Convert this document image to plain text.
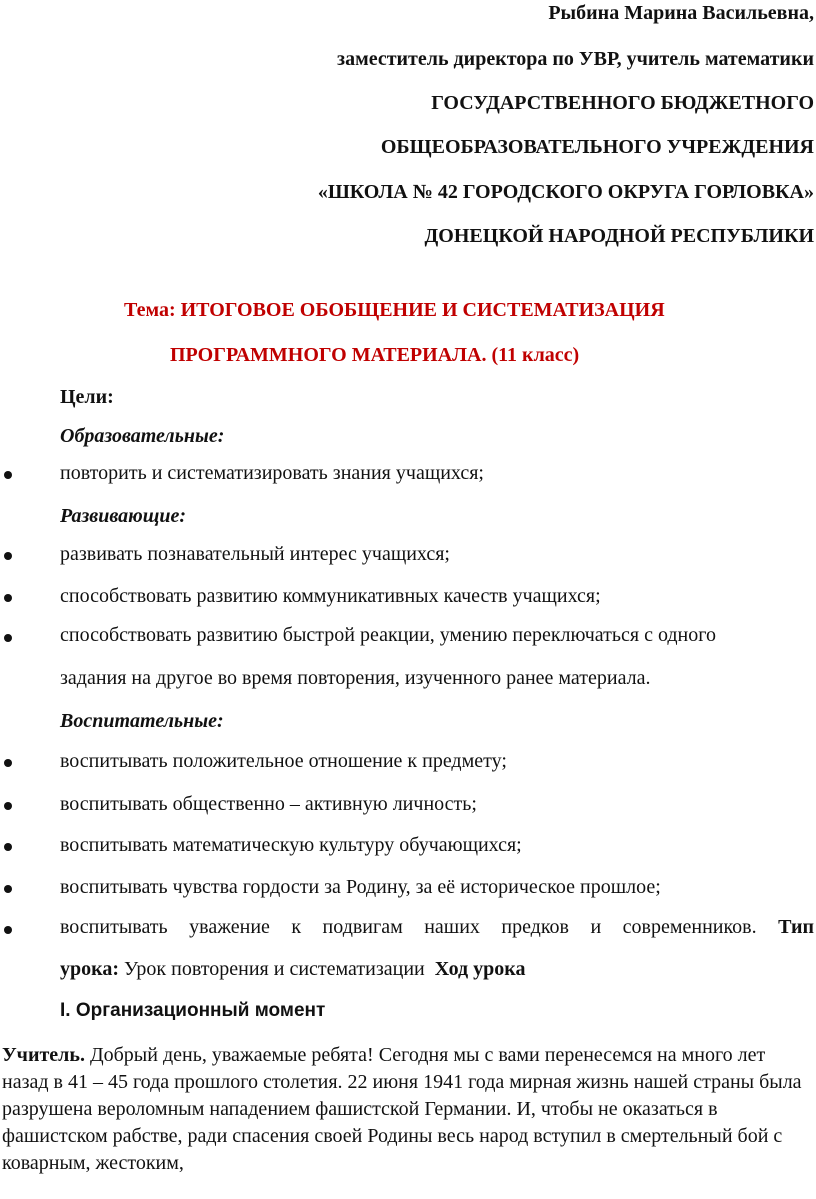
Рыбина Марина Васильевна,
заместитель директора по УВР, учитель математики
ГОСУДАРСТВЕННОГО БЮДЖЕТНОГО
ОБЩЕОБРАЗОВАТЕЛЬНОГО УЧРЕЖДЕНИЯ
«ШКОЛА № 42 ГОРОДСКОГО ОКРУГА ГОРЛОВКА»
ДОНЕЦКОЙ НАРОДНОЙ РЕСПУБЛИКИ
Тема: ИТОГОВОЕ ОБОБЩЕНИЕ И СИСТЕМАТИЗАЦИЯ
ПРОГРАММНОГО МАТЕРИАЛА. (11 класс)
Цели:
Образовательные:
повторить и систематизировать знания учащихся;
Развивающие:
развивать познавательный интерес учащихся;
способствовать развитию коммуникативных качеств учащихся;
способствовать развитию быстрой реакции, умению переключаться с одного
задания на другое во время повторения, изученного ранее материала.
Воспитательные:
воспитывать положительное отношение к предмету;
воспитывать общественно – активную личность;
воспитывать математическую культуру обучающихся;
воспитывать чувства гордости за Родину, за её историческое прошлое;
воспитывать уважение к подвигам наших предков и современников. Тип
урока: Урок повторения и систематизации Ход урока
I. Организационный момент
Учитель. Добрый день, уважаемые ребята! Сегодня мы с вами перенесемся на много лет назад в 41 – 45 года прошлого столетия. 22 июня 1941 года мирная жизнь нашей страны была разрушена вероломным нападением фашистской Германии. И, чтобы не оказаться в фашистском рабстве, ради спасения своей Родины весь народ вступил в смертельный бой с коварным, жестоким,
